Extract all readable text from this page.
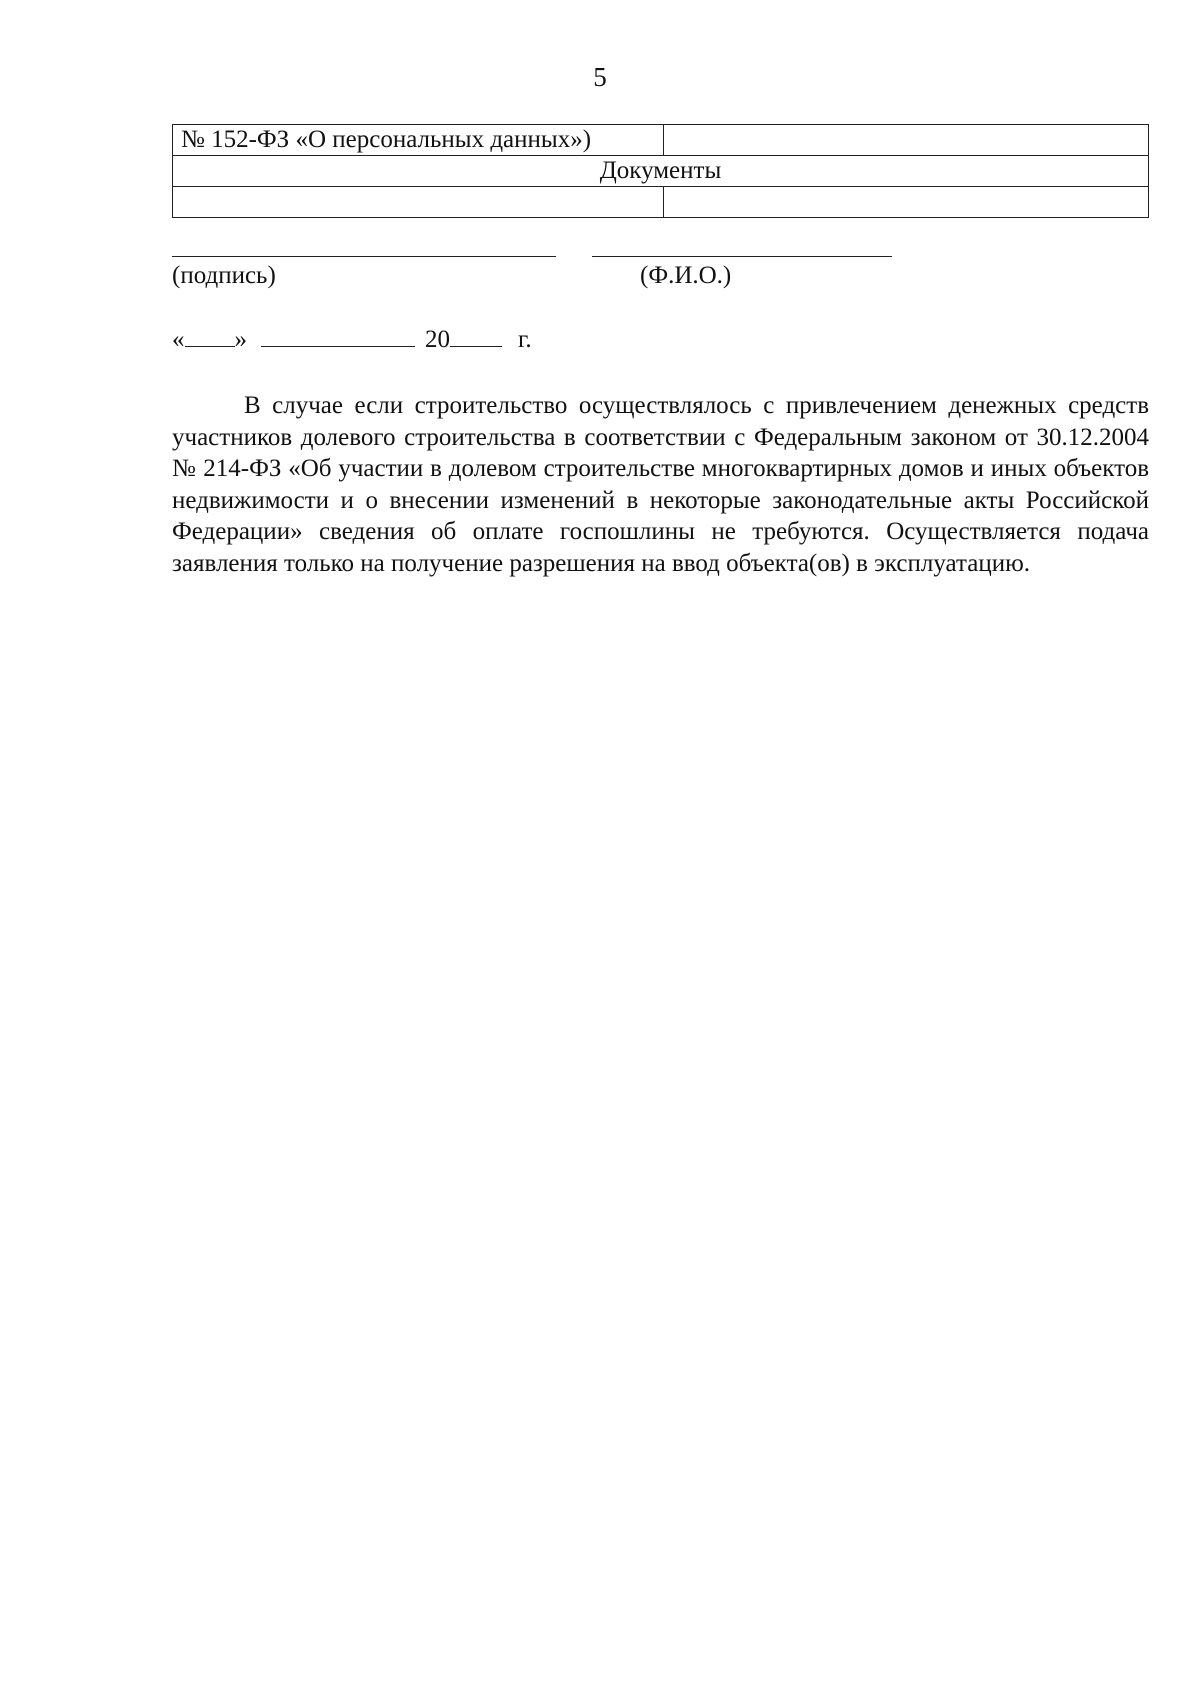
5
№ 152-ФЗ «О персональных данных»)	
Документы	

(подпись)	(Ф.И.О.)
« »	20	г.

В случае если строительство осуществлялось с привлечением денежных средств участников долевого строительства в соответствии с Федеральным законом от 30.12.2004 № 214-ФЗ «Об участии в долевом строительстве многоквартирных домов и иных объектов недвижимости и о внесении изменений в некоторые законодательные акты Российской Федерации» сведения об оплате госпошлины не требуются. Осуществляется подача заявления только на получение разрешения на ввод объекта(ов) в эксплуатацию.
